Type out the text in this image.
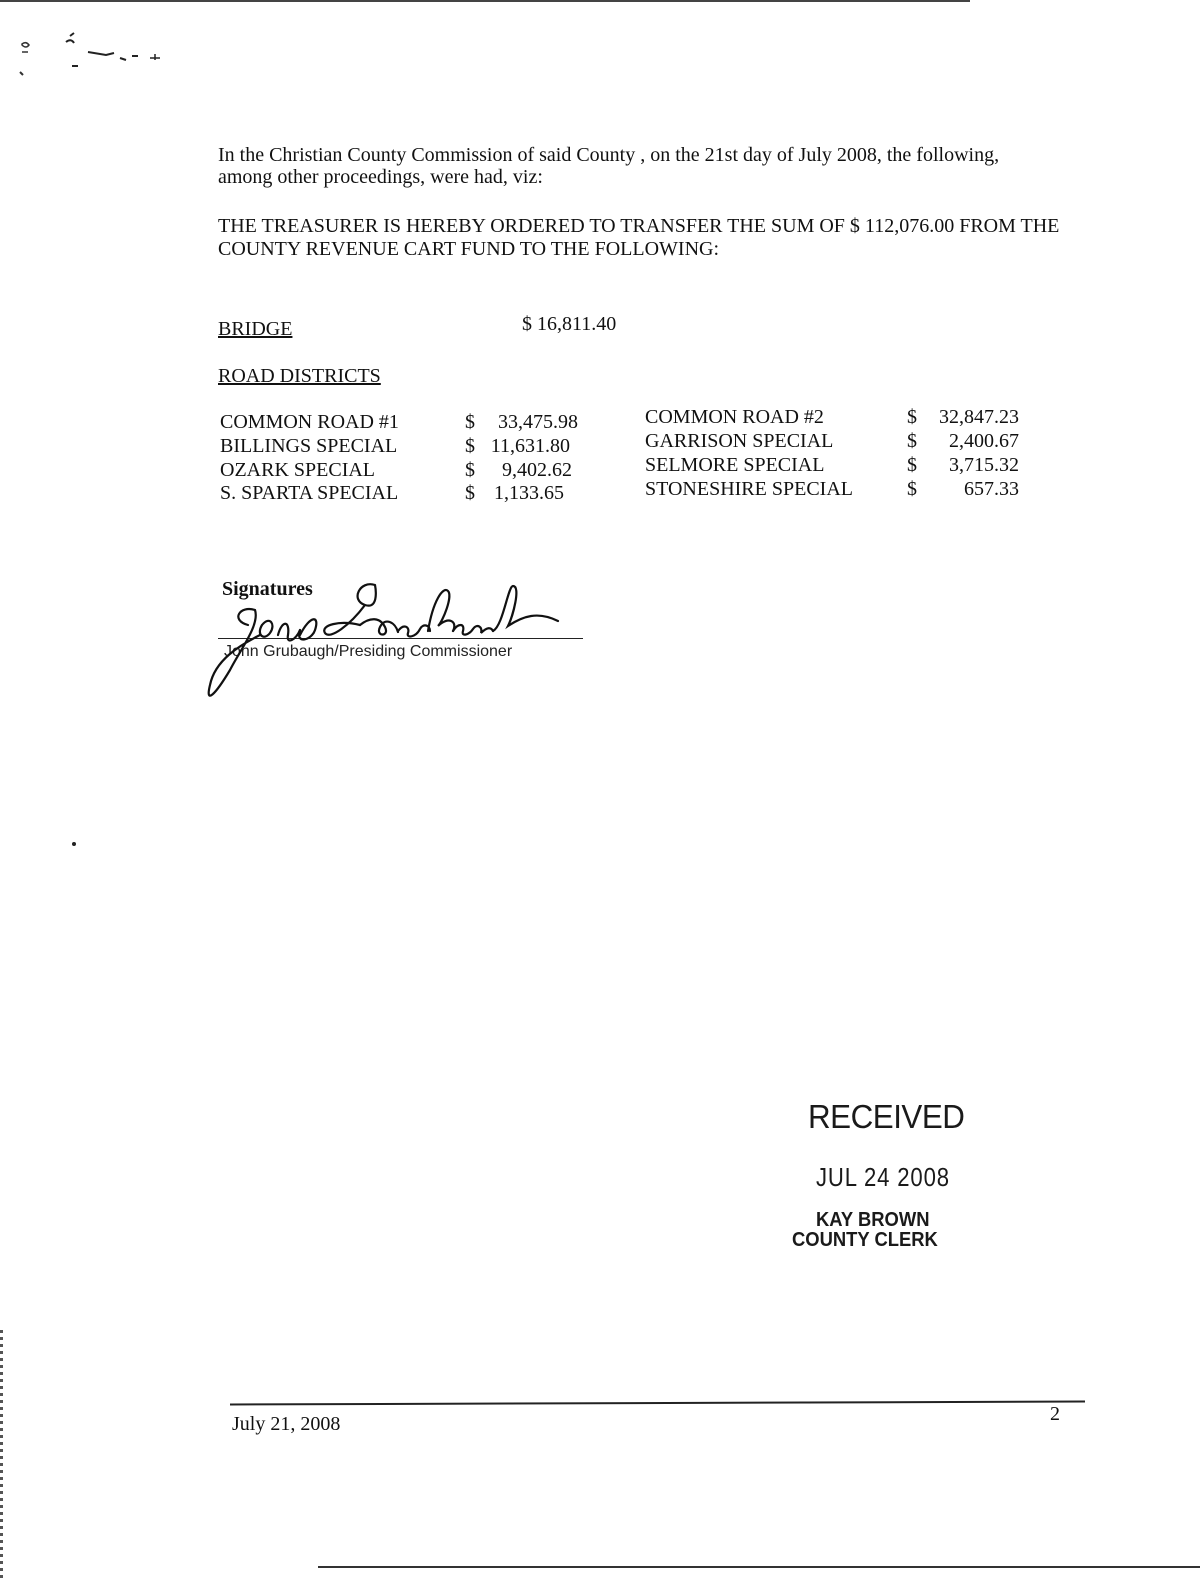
In the Christian County Commission of said County , on the 21st day of July 2008, the following, among other proceedings, were had, viz:
THE TREASURER IS HEREBY ORDERED TO TRANSFER THE SUM OF $ 112,076.00 FROM THE COUNTY REVENUE CART FUND TO THE FOLLOWING:
BRIDGE	$ 16,811.40
ROAD DISTRICTS
COMMON ROAD #1	$	33,475.98
BILLINGS SPECIAL	$ 11,631.80
OZARK SPECIAL	$	9,402.62
S. SPARTA SPECIAL	$ 1,133.65
COMMON ROAD #2	$	32,847.23
GARRISON SPECIAL	$	2,400.67
SELMORE SPECIAL	$	3,715.32
STONESHIRE SPECIAL	$	657.33
Signatures
John Grubaugh/Presiding Commissioner
RECEIVED
JUL 24 2008
KAY BROWN
COUNTY CLERK
July 21, 2008	2
